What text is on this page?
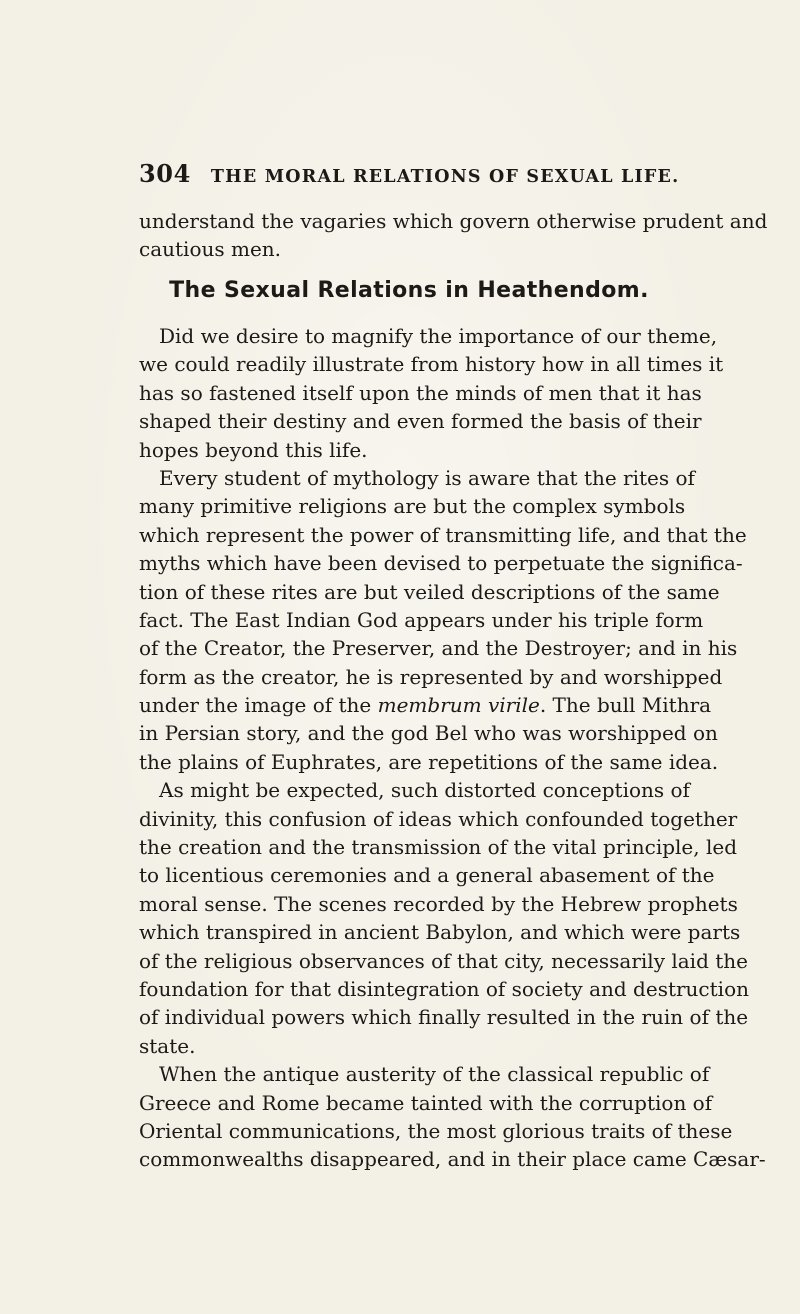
304 THE MORAL RELATIONS OF SEXUAL LIFE.
understand the vagaries which govern otherwise prudent and
cautious men.
The Sexual Relations in Heathendom.
Did we desire to magnify the importance of our theme,
we could readily illustrate from history how in all times it
has so fastened itself upon the minds of men that it has
shaped their destiny and even formed the basis of their
hopes beyond this life.
Every student of mythology is aware that the rites of
many primitive religions are but the complex symbols
which represent the power of transmitting life, and that the
myths which have been devised to perpetuate the significa-
tion of these rites are but veiled descriptions of the same
fact. The East Indian God appears under his triple form
of the Creator, the Preserver, and the Destroyer; and in his
form as the creator, he is represented by and worshipped
under the image of the membrum virile. The bull Mithra
in Persian story, and the god Bel who was worshipped on
the plains of Euphrates, are repetitions of the same idea.
As might be expected, such distorted conceptions of
divinity, this confusion of ideas which confounded together
the creation and the transmission of the vital principle, led
to licentious ceremonies and a general abasement of the
moral sense. The scenes recorded by the Hebrew prophets
which transpired in ancient Babylon, and which were parts
of the religious observances of that city, necessarily laid the
foundation for that disintegration of society and destruction
of individual powers which finally resulted in the ruin of the
state.
When the antique austerity of the classical republic of
Greece and Rome became tainted with the corruption of
Oriental communications, the most glorious traits of these
commonwealths disappeared, and in their place came Cæsar-
